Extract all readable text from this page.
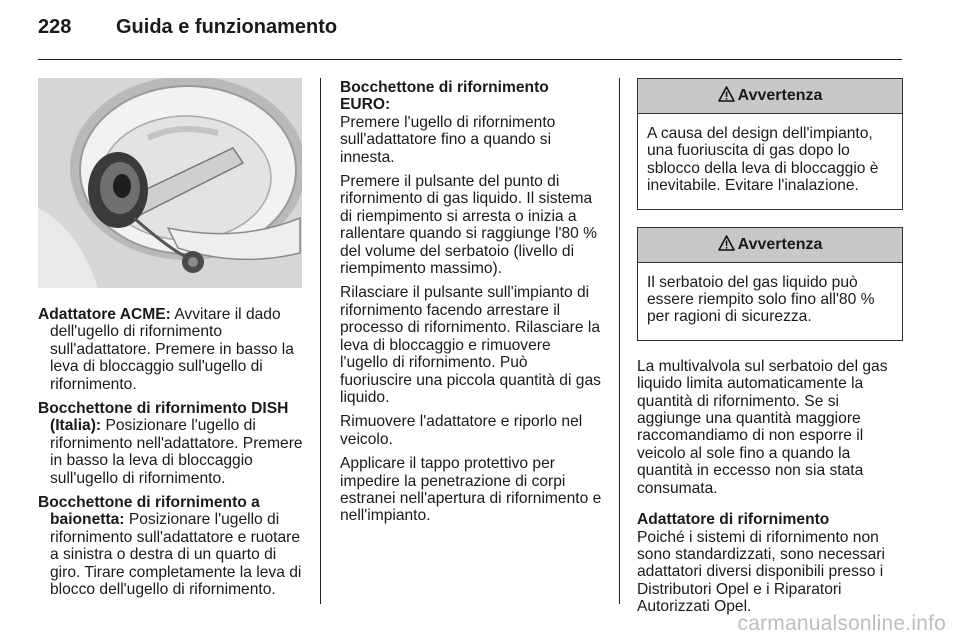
228 Guida e funzionamento

Adattatore ACME: Avvitare il dado dell'ugello di rifornimento sull'adattatore. Premere in basso la leva di bloccaggio sull'ugello di rifornimento.

Bocchettone di rifornimento DISH (Italia): Posizionare l'ugello di rifornimento nell'adattatore. Premere in basso la leva di bloccaggio sull'ugello di rifornimento.

Bocchettone di rifornimento a baionetta: Posizionare l'ugello di rifornimento sull'adattatore e ruotare a sinistra o destra di un quarto di giro. Tirare completamente la leva di blocco dell'ugello di rifornimento.

Bocchettone di rifornimento EURO:

Premere l'ugello di rifornimento sull'adattatore fino a quando si innesta.

Premere il pulsante del punto di rifornimento di gas liquido. Il sistema di riempimento si arresta o inizia a rallentare quando si raggiunge l'80 % del volume del serbatoio (livello di riempimento massimo).

Rilasciare il pulsante sull'impianto di rifornimento facendo arrestare il processo di rifornimento. Rilasciare la leva di bloccaggio e rimuovere l'ugello di rifornimento. Può fuoriuscire una piccola quantità di gas liquido.

Rimuovere l'adattatore e riporlo nel veicolo.

Applicare il tappo protettivo per impedire la penetrazione di corpi estranei nell'apertura di rifornimento e nell'impianto.

Avvertenza
A causa del design dell'impianto, una fuoriuscita di gas dopo lo sblocco della leva di bloccaggio è inevitabile. Evitare l'inalazione.
Avvertenza
Il serbatoio del gas liquido può essere riempito solo fino all'80 % per ragioni di sicurezza.

La multivalvola sul serbatoio del gas liquido limita automaticamente la quantità di rifornimento. Se si aggiunge una quantità maggiore raccomandiamo di non esporre il veicolo al sole fino a quando la quantità in eccesso non sia stata consumata.

Adattatore di rifornimento

Poiché i sistemi di rifornimento non sono standardizzati, sono necessari adattatori diversi disponibili presso i Distributori Opel e i Riparatori Autorizzati Opel.

carmanualsonline.info
